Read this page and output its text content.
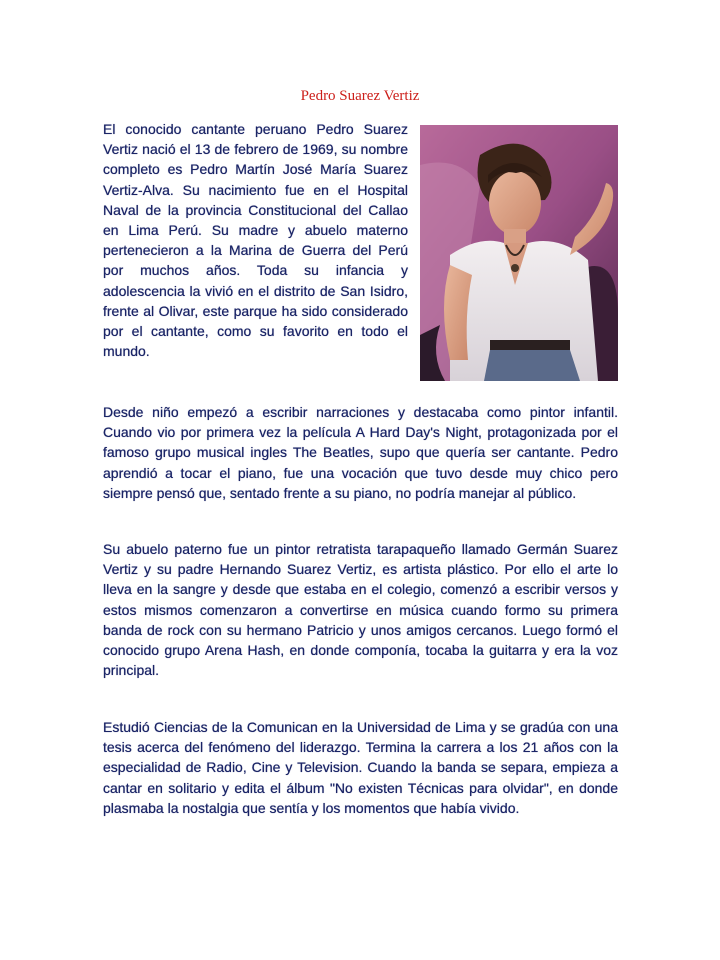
Pedro Suarez Vertiz

El conocido cantante peruano Pedro Suarez Vertiz nació el 13 de febrero de 1969, su nombre completo es Pedro Martín José María Suarez Vertiz-Alva. Su nacimiento fue en el Hospital Naval de la provincia Constitucional del Callao en Lima Perú. Su madre y abuelo materno pertenecieron a la Marina de Guerra del Perú por muchos años. Toda su infancia y adolescencia la vivió en el distrito de San Isidro, frente al Olivar, este parque ha sido considerado por el cantante, como su favorito en todo el mundo.

Desde niño empezó a escribir narraciones y destacaba como pintor infantil. Cuando vio por primera vez la película A Hard Day's Night, protagonizada por el famoso grupo musical ingles The Beatles, supo que quería ser cantante. Pedro aprendió a tocar el piano, fue una vocación que tuvo desde muy chico pero siempre pensó que, sentado frente a su piano, no podría manejar al público.

Su abuelo paterno fue un pintor retratista tarapaqueño llamado Germán Suarez Vertiz y su padre Hernando Suarez Vertiz, es artista plástico. Por ello el arte lo lleva en la sangre y desde que estaba en el colegio, comenzó a escribir versos y estos mismos comenzaron a convertirse en música cuando formo su primera banda de rock con su hermano Patricio y unos amigos cercanos. Luego formó el conocido grupo Arena Hash, en donde componía, tocaba la guitarra y era la voz principal.

Estudió Ciencias de la Comunican en la Universidad de Lima y se gradúa con una tesis acerca del fenómeno del liderazgo. Termina la carrera a los 21 años con la especialidad de Radio, Cine y Television. Cuando la banda se separa, empieza a cantar en solitario y edita el álbum "No existen Técnicas para olvidar", en donde plasmaba la nostalgia que sentía y los momentos que había vivido.
